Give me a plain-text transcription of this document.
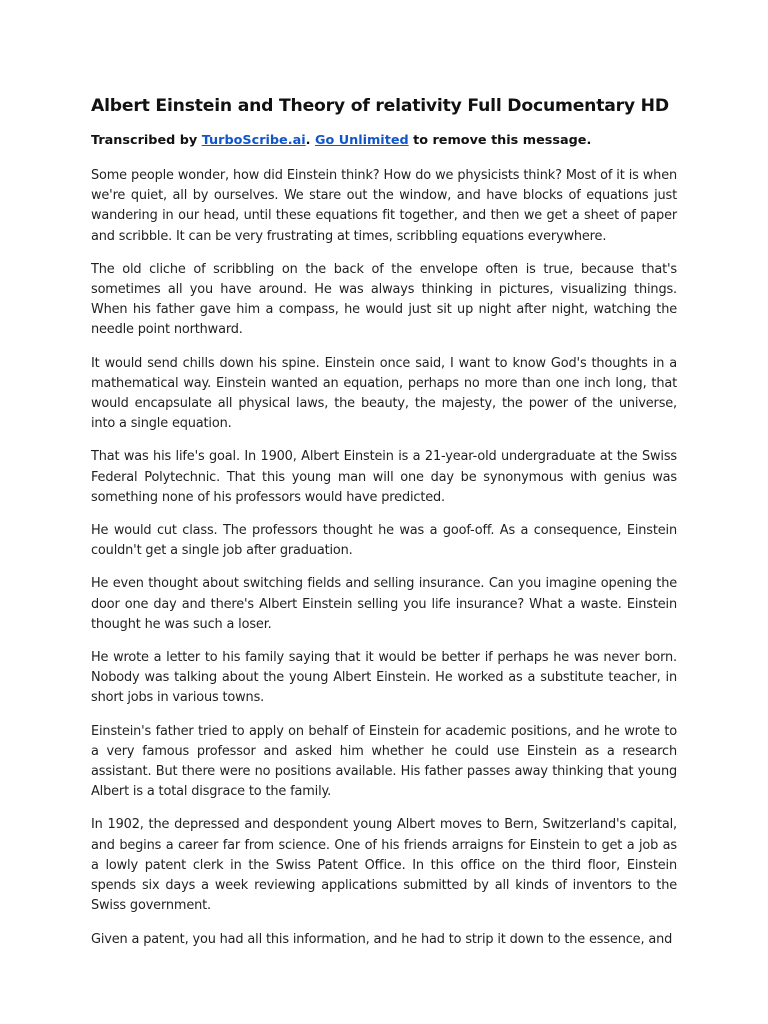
Albert Einstein and Theory of relativity Full Documentary HD

Transcribed by TurboScribe.ai. Go Unlimited to remove this message.

Some people wonder, how did Einstein think? How do we physicists think? Most of it is when we're quiet, all by ourselves. We stare out the window, and have blocks of equations just wandering in our head, until these equations fit together, and then we get a sheet of paper and scribble. It can be very frustrating at times, scribbling equations everywhere.

The old cliche of scribbling on the back of the envelope often is true, because that's sometimes all you have around. He was always thinking in pictures, visualizing things. When his father gave him a compass, he would just sit up night after night, watching the needle point northward.

It would send chills down his spine. Einstein once said, I want to know God's thoughts in a mathematical way. Einstein wanted an equation, perhaps no more than one inch long, that would encapsulate all physical laws, the beauty, the majesty, the power of the universe, into a single equation.

That was his life's goal. In 1900, Albert Einstein is a 21-year-old undergraduate at the Swiss Federal Polytechnic. That this young man will one day be synonymous with genius was something none of his professors would have predicted.

He would cut class. The professors thought he was a goof-off. As a consequence, Einstein couldn't get a single job after graduation.

He even thought about switching fields and selling insurance. Can you imagine opening the door one day and there's Albert Einstein selling you life insurance? What a waste. Einstein thought he was such a loser.

He wrote a letter to his family saying that it would be better if perhaps he was never born. Nobody was talking about the young Albert Einstein. He worked as a substitute teacher, in short jobs in various towns.

Einstein's father tried to apply on behalf of Einstein for academic positions, and he wrote to a very famous professor and asked him whether he could use Einstein as a research assistant. But there were no positions available. His father passes away thinking that young Albert is a total disgrace to the family.

In 1902, the depressed and despondent young Albert moves to Bern, Switzerland's capital, and begins a career far from science. One of his friends arraigns for Einstein to get a job as a lowly patent clerk in the Swiss Patent Office. In this office on the third floor, Einstein spends six days a week reviewing applications submitted by all kinds of inventors to the Swiss government.

Given a patent, you had all this information, and he had to strip it down to the essence, and
